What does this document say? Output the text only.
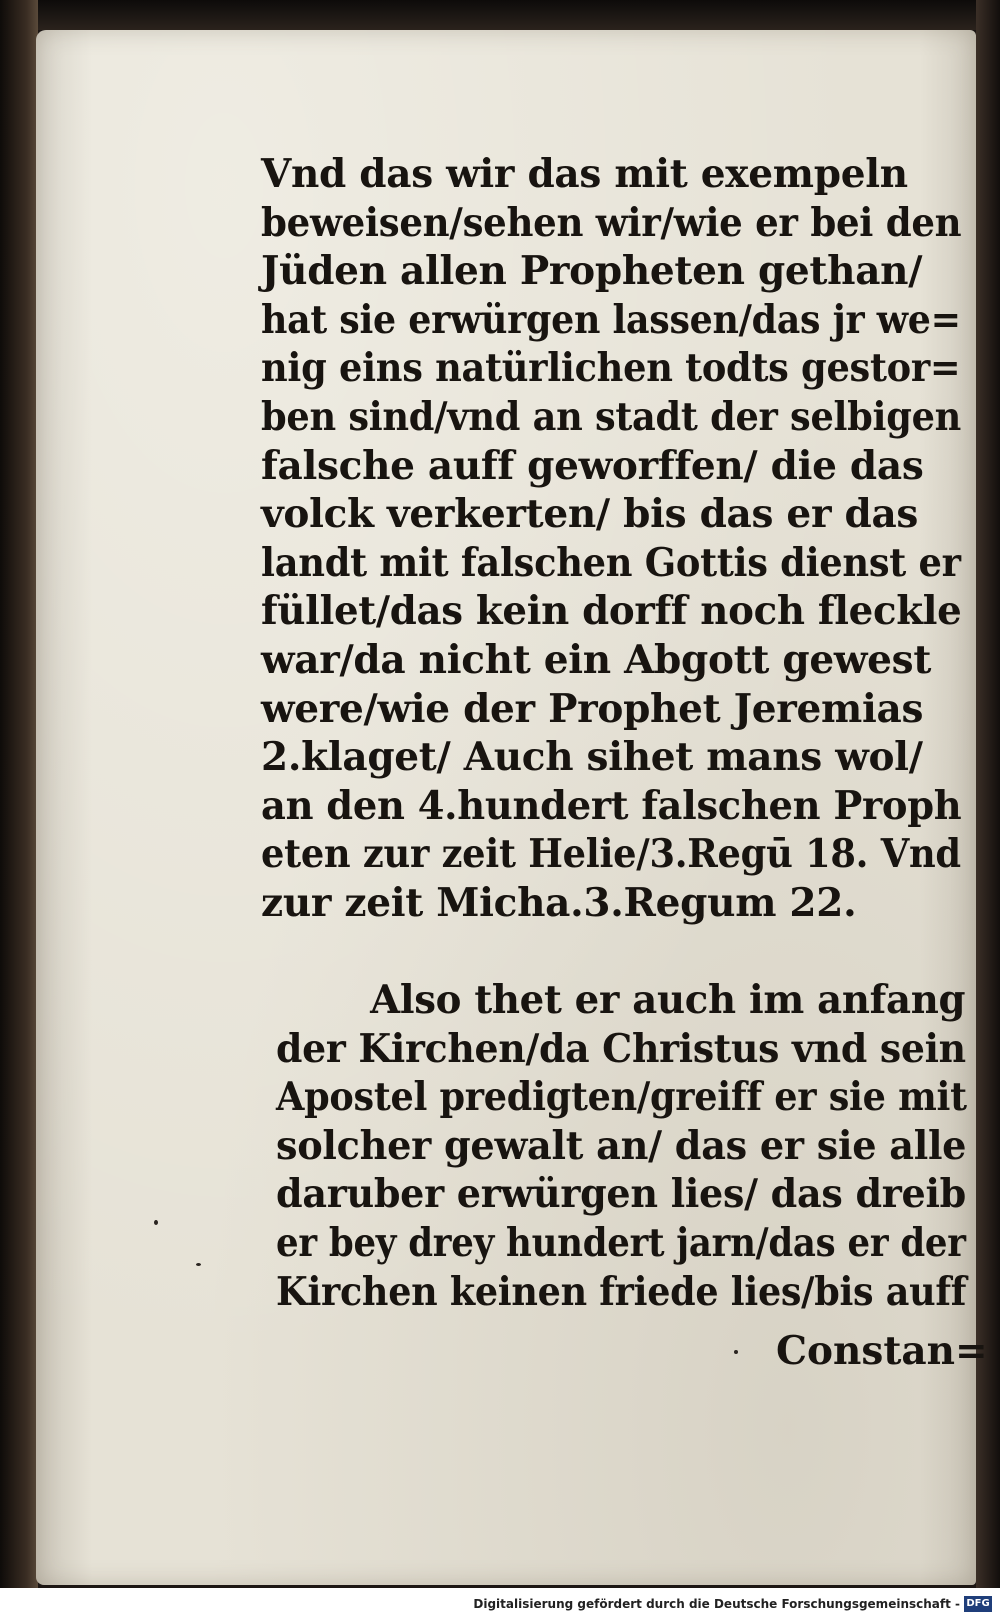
Vnd das wir das mit exempeln
beweisen/sehen wir/wie er bei den
Jüden allen Propheten gethan/
hat sie erwürgen lassen/das jr we=
nig eins natürlichen todts gestor=
ben sind/vnd an stadt der selbigen
falsche auff geworffen/ die das
volck verkerten/ bis das er das
landt mit falschen Gottis dienst er
füllet/das kein dorff noch fleckle
war/da nicht ein Abgott gewest
were/wie der Prophet Jeremias
2.klaget/ Auch sihet mans wol/
an den 4.hundert falschen Proph
eten zur zeit Helie/3.Regū 18. Vnd
zur zeit Micha.3.Regum 22.
Also thet er auch im anfang
der Kirchen/da Christus vnd sein
Apostel predigten/greiff er sie mit
solcher gewalt an/ das er sie alle
daruber erwürgen lies/ das dreib
er bey drey hundert jarn/das er der
Kirchen keinen friede lies/bis auff
Constan=
Digitalisierung gefördert durch die Deutsche Forschungsgemeinschaft - DFG
